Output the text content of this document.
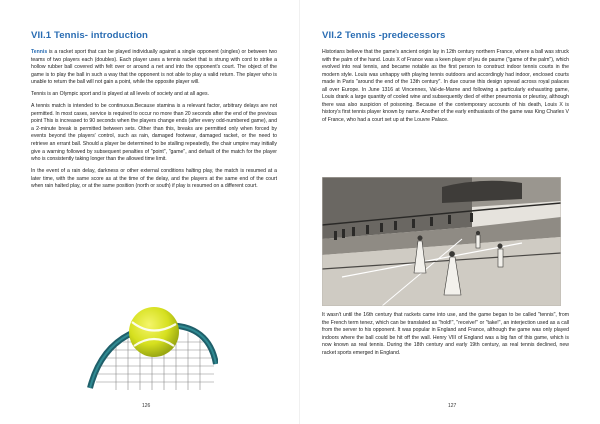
VII.1 Tennis- introduction

Tennis is a racket sport that can be played individually against a single opponent (singles) or between two teams of two players each (doubles). Each player uses a tennis racket that is strung with cord to strike a hollow rubber ball covered with felt over or around a net and into the opponent's court. The object of the game is to play the ball in such a way that the opponent is not able to play a valid return. The player who is unable to return the ball will not gain a point, while the opposite player will.

Tennis is an Olympic sport and is played at all levels of society and at all ages.

A tennis match is intended to be continuous.Because stamina is a relevant factor, arbitrary delays are not permitted. In most cases, service is required to occur no more than 20 seconds after the end of the previous point This is increased to 90 seconds when the players change ends (after every odd-numbered game), and a 2-minute break is permitted between sets. Other than this, breaks are permitted only when forced by events beyond the players' control, such as rain, damaged footwear, damaged racket, or the need to retrieve an errant ball. Should a player be determined to be stalling repeatedly, the chair umpire may initially give a warning followed by subsequent penalties of "point", "game", and default of the match for the player who is consistently taking longer than the allowed time limit.

In the event of a rain delay, darkness or other external conditions halting play, the match is resumed at a later time, with the same score as at the time of the delay, and the players at the same end of the court when rain halted play, or at the same position (north or south) if play is resumed on a different court.

126
VII.2 Tennis -predecessors

Historians believe that the game's ancient origin lay in 12th century northern France, where a ball was struck with the palm of the hand. Louis X of France was a keen player of jeu de paume ("game of the palm"), which evolved into real tennis, and became notable as the first person to construct indoor tennis courts in the modern style. Louis was unhappy with playing tennis outdoors and accordingly had indoor, enclosed courts made in Paris "around the end of the 13th century". In due course this design spread across royal palaces all over Europe. In June 1316 at Vincennes, Val-de-Marne and following a particularly exhausting game, Louis drank a large quantity of cooled wine and subsequently died of either pneumonia or pleurisy, although there was also suspicion of poisoning. Because of the contemporary accounts of his death, Louis X is history's first tennis player known by name. Another of the early enthusiasts of the game was King Charles V of France, who had a court set up at the Louvre Palace.

It wasn't until the 16th century that rackets came into use, and the game began to be called "tennis", from the French term tenez, which can be translated as "hold!", "receive!" or "take!", an interjection used as a call from the server to his opponent. It was popular in England and France, although the game was only played indoors where the ball could be hit off the wall. Henry VIII of England was a big fan of this game, which is now known as real tennis. During the 18th century and early 19th century, as real tennis declined, new racket sports emerged in England.

127
